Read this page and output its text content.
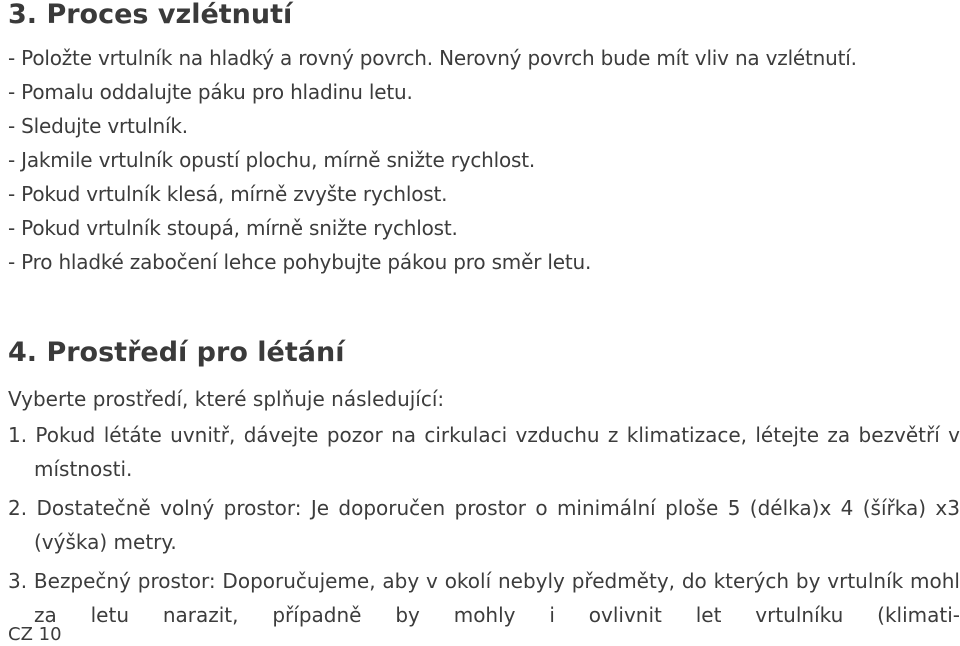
3. Proces vzlétnutí
- Položte vrtulník na hladký a rovný povrch. Nerovný povrch bude mít vliv na vzlétnutí.
- Pomalu oddalujte páku pro hladinu letu.
- Sledujte vrtulník.
- Jakmile vrtulník opustí plochu, mírně snižte rychlost.
- Pokud vrtulník klesá, mírně zvyšte rychlost.
- Pokud vrtulník stoupá, mírně snižte rychlost.
- Pro hladké zabočení lehce pohybujte pákou pro směr letu.
4. Prostředí pro létání

Vyberte prostředí, které splňuje následující:

1. Pokud létáte uvnitř, dávejte pozor na cirkulaci vzduchu z klimatizace, létejte za bezvětří v místnosti.
2. Dostatečně volný prostor: Je doporučen prostor o minimální ploše 5 (délka)x 4 (šířka) x3 (výška) metry.
3. Bezpečný prostor: Doporučujeme, aby v okolí nebyly předměty, do kterých by vrtulník mohl za letu narazit, případně by mohly i ovlivnit let vrtulníku (klimati-
CZ 10
